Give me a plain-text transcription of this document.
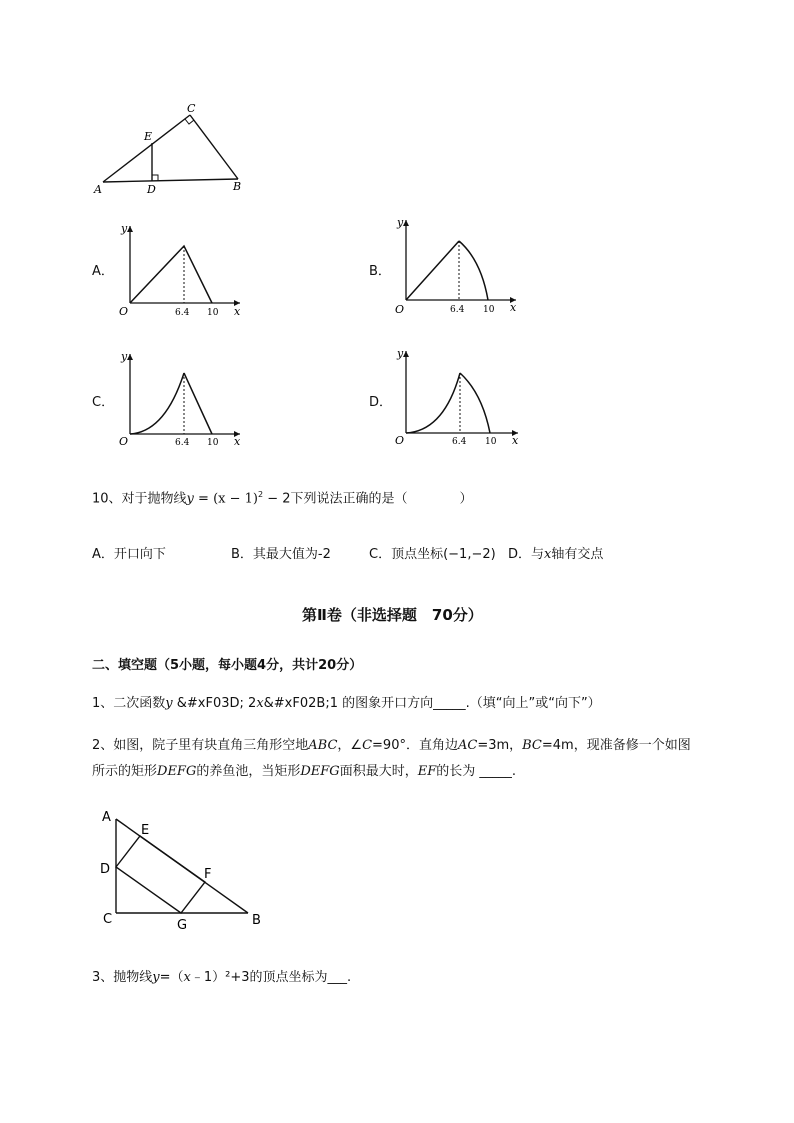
A	D	B
C
E
A．
y
x
O	6.4 10
B．
y
x
O	6.4 10
C．
y
x
O	6.4 10
D．
y
x
O	6.4 10
10、对于抛物线$y = (x - 1)^2 - 2$下列说法正确的是（　　　　）
A．开口向下	B．其最大值为-2	C．顶点坐标(−1,−2) D．与x轴有交点
第Ⅱ卷（非选择题　70分）
二、填空题（5小题，每小题4分，共计20分）
1、二次函数y &#xF03D; 2x&#xF02B;1 的图象开口方向_____.（填“向上”或“向下”）
2、如图，院子里有块直角三角形空地ABC，∠C=90°．直角边AC=3m，BC=4m，现准备修一个如图
所示的矩形DEFG的养鱼池，当矩形DEFG面积最大时，EF的长为 _____.
A
E
D	F
C	G	B
3、抛物线y=（x﹣1）²+3的顶点坐标为___.
